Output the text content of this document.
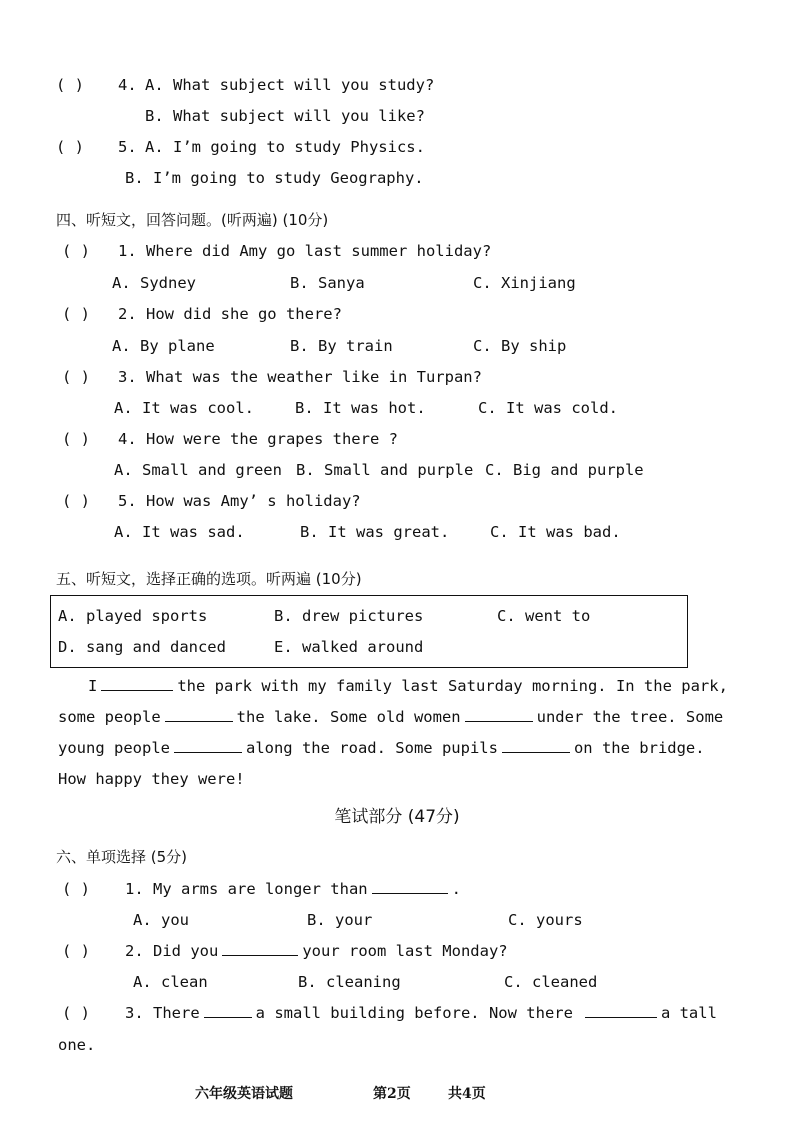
( ) 4. A. What subject will you study?
B. What subject will you like?
( ) 5. A. I’m going to study Physics.
B. I’m going to study Geography.
四、听短文，回答问题。(听两遍) (10分)
( ) 1. Where did Amy go last summer holiday?
A. Sydney	B. Sanya	C. Xinjiang
( ) 2. How did she go there?
A. By plane	B. By train	C. By ship
( ) 3. What was the weather like in Turpan?
A. It was cool.	B. It was hot.	C. It was cold.
( ) 4. How were the grapes there ?
A. Small and green B. Small and purple C. Big and purple
( ) 5. How was Amy’ s holiday?
A. It was sad.	B. It was great.	C. It was bad.
五、听短文，选择正确的选项。听两遍 (10分)
A. played sports	B. drew pictures	C. went to
D. sang and danced	E. walked around
I	the park with my family last Saturday morning. In the park,
some people	the lake. Some old women	under the tree. Some
young people	along the road. Some pupils	on the bridge.
How happy they were!
笔试部分 (47分)
六、单项选择 (5分)
( ) 1. My arms are longer than	.
A. you	B. your	C. yours
( ) 2. Did you	your room last Monday?
A. clean	B. cleaning	C. cleaned
( ) 3. There	a small building before. Now there	a tall
one.
六年级英语试题	第2页	共4页
